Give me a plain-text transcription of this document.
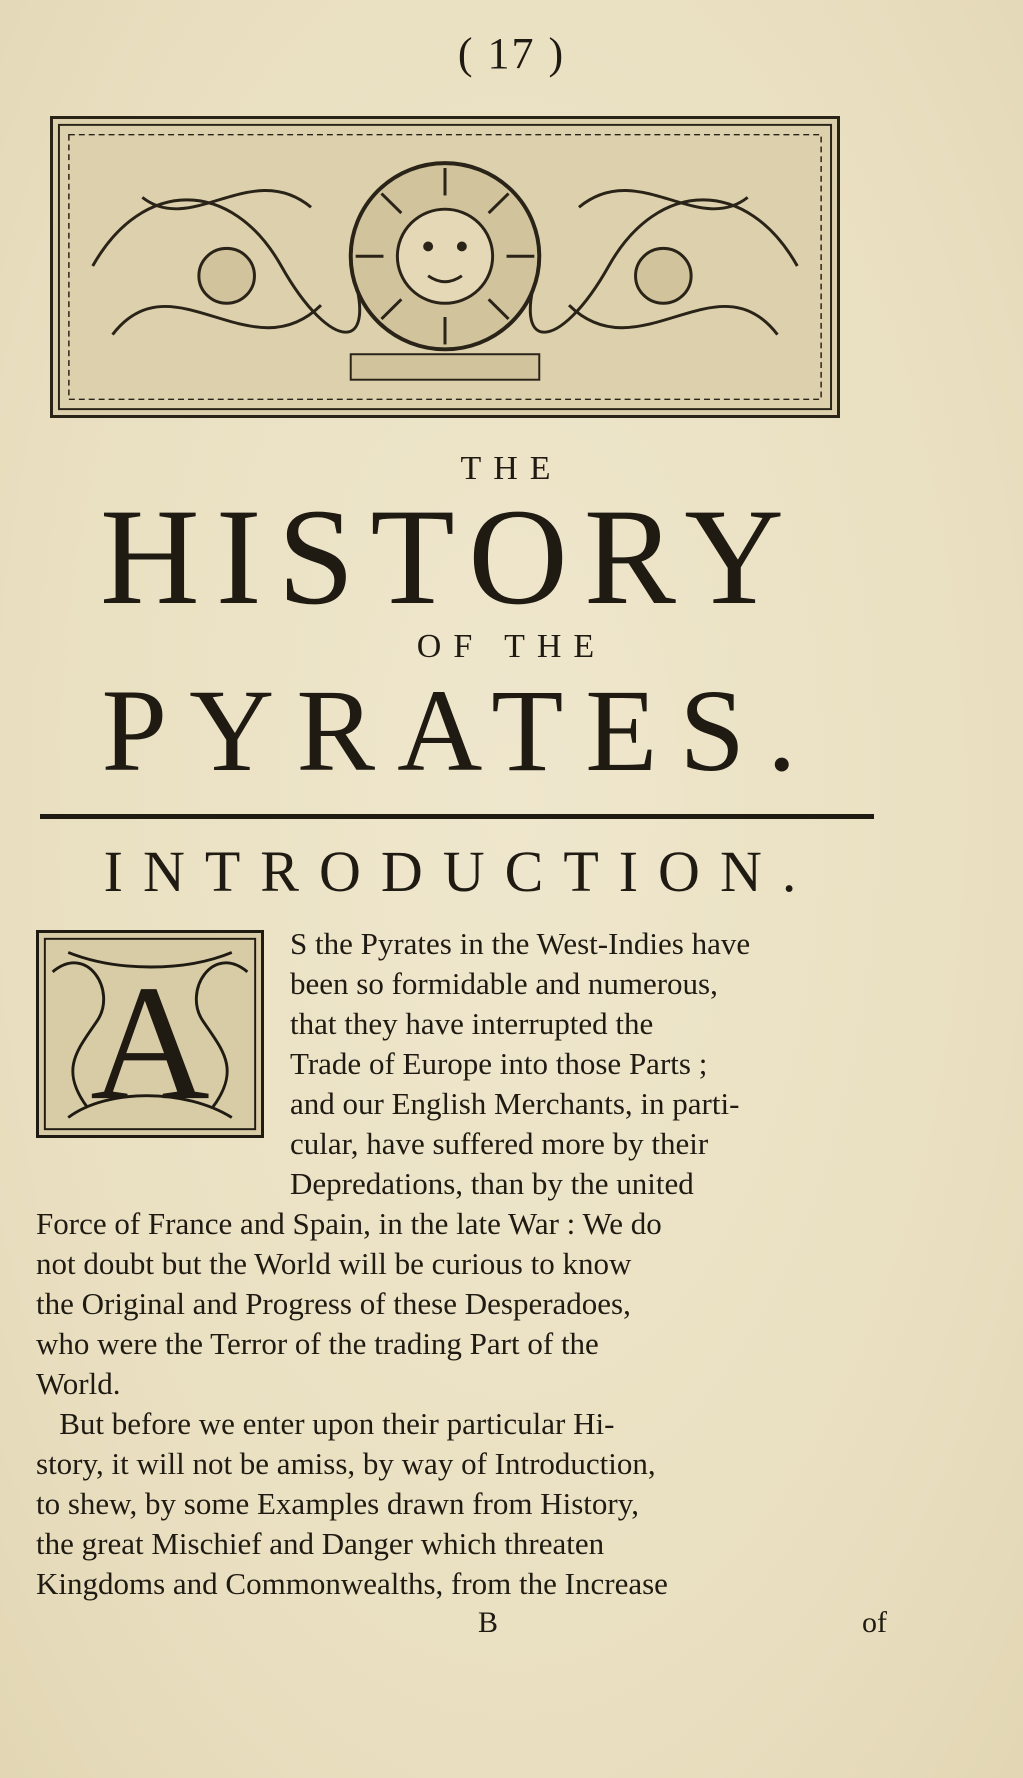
( 17 )
THE
HISTORY
OF THE
PYRATES.
INTRODUCTION.
A
S the Pyrates in the West-Indies have
been so formidable and numerous,
that they have interrupted the
Trade of Europe into those Parts ;
and our English Merchants, in parti-
cular, have suffered more by their
Depredations, than by the united
Force of France and Spain, in the late War : We do
not doubt but the World will be curious to know
the Original and Progress of these Desperadoes,
who were the Terror of the trading Part of the
World.
But before we enter upon their particular Hi-
story, it will not be amiss, by way of Introduction,
to shew, by some Examples drawn from History,
the great Mischief and Danger which threaten
Kingdoms and Commonwealths, from the Increase
B	of
